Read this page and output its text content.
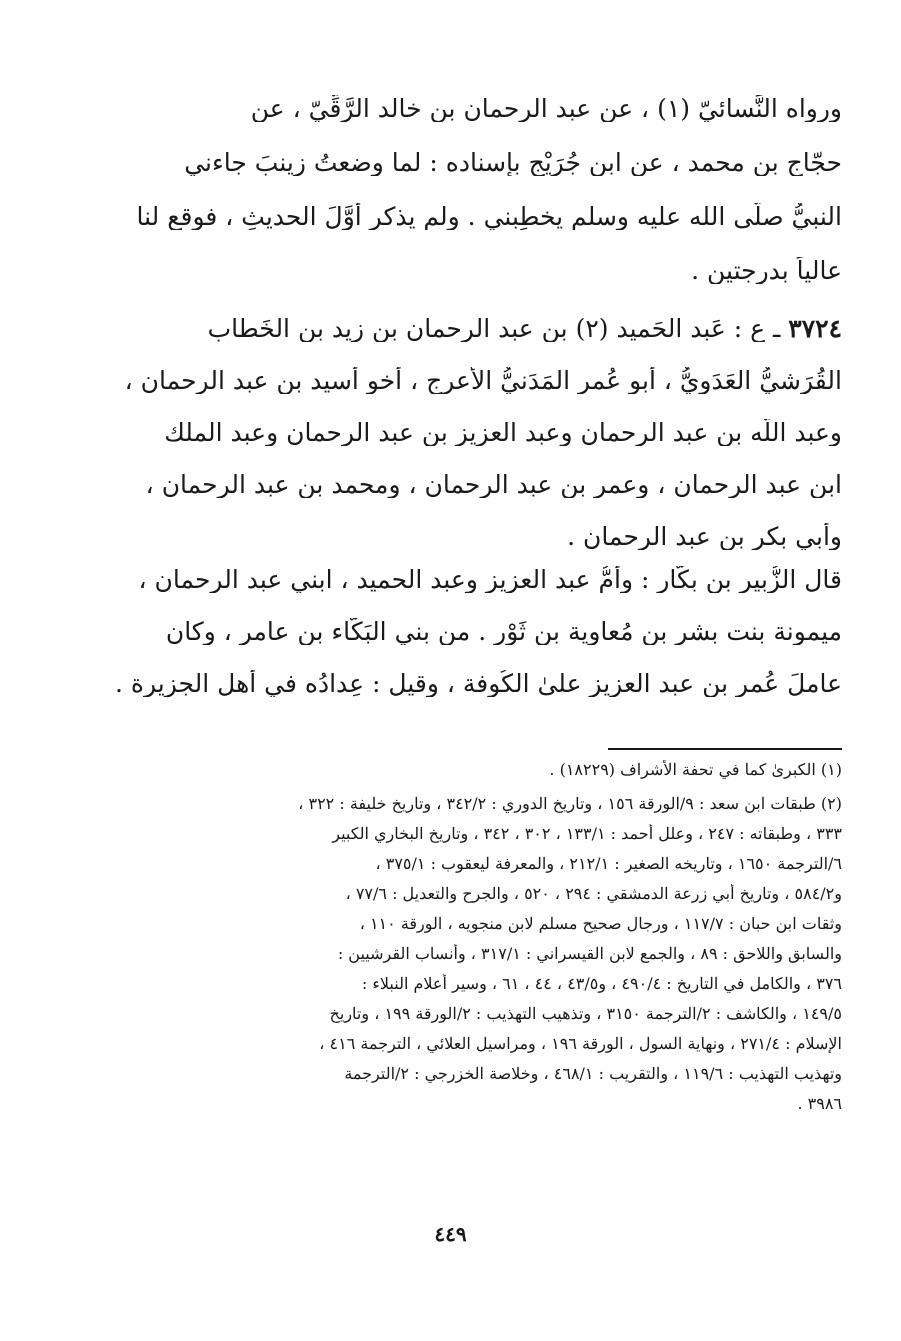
ورواه النَّسائيّ (١) ، عن عبد الرحمان بن خالد الرَّقِّيّ ، عن
حجّاج بن محمد ، عن ابن جُرَيْج بإسناده : لما وضعتُ زينبَ جاءني
النبيُّ صلّى الله عليه وسلم يخطِبني . ولم يذكر أوَّلَ الحديثِ ، فوقع لنا
عالياً بدرجتين .
٣٧٢٤ ـ ع : عَبد الحَميد (٢) بن عبد الرحمان بن زيد بن الخَطاب
القُرَشيُّ العَدَويُّ ، أبو عُمر المَدَنيُّ الأعرج ، أخو أُسيد بن عبد الرحمان ،
وعبد اللّه بن عبد الرحمان وعبد العزيز بن عبد الرحمان وعبد الملك
ابن عبد الرحمان ، وعمر بن عبد الرحمان ، ومحمد بن عبد الرحمان ،
وأبي بكر بن عبد الرحمان .
قال الزُّبير بن بكّار : وأمُّ عبد العزيز وعبد الحميد ، ابني عبد الرحمان ،
ميمونة بنت بشر بن مُعاوية بن ثَوْر . من بني البَكّاء بن عامر ، وكان
عاملَ عُمر بن عبد العزيز علىٰ الكُوفة ، وقيل : عِدادُه في أهل الجزيرة .
(١) الكبرىٰ كما في تحفة الأشراف (١٨٢٢٩) .
(٢) طبقات ابن سعد : ٩/الورقة ١٥٦ ، وتاريخ الدوري : ٣٤٢/٢ ، وتاريخ خليفة : ٣٢٢ ،
٣٣٣ ، وطبقاته : ٢٤٧ ، وعلل أحمد : ١٣٣/١ ، ٣٠٢ ، ٣٤٢ ، وتاريخ البخاري الكبير
٦/الترجمة ١٦٥٠ ، وتاريخه الصغير : ٢١٢/١ ، والمعرفة ليعقوب : ٣٧٥/١ ،
و٥٨٤/٢ ، وتاريخ أبي زرعة الدمشقي : ٢٩٤ ، ٥٢٠ ، والجرح والتعديل : ٧٧/٦ ،
وثقات ابن حبان : ١١٧/٧ ، ورجال صحيح مسلم لابن منجويه ، الورقة ١١٠ ،
والسابق واللاحق : ٨٩ ، والجمع لابن القيسراني : ٣١٧/١ ، وأنساب القرشيين :
٣٧٦ ، والكامل في التاريخ : ٤٩٠/٤ ، و٤٣/٥ ، ٤٤ ، ٦١ ، وسير أعلام النبلاء :
١٤٩/٥ ، والكاشف : ٢/الترجمة ٣١٥٠ ، وتذهيب التهذيب : ٢/الورقة ١٩٩ ، وتاريخ
الإسلام : ٢٧١/٤ ، ونهاية السول ، الورقة ١٩٦ ، ومراسيل العلائي ، الترجمة ٤١٦ ،
وتهذيب التهذيب : ١١٩/٦ ، والتقريب : ٤٦٨/١ ، وخلاصة الخزرجي : ٢/الترجمة
٣٩٨٦ .
٤٤٩
